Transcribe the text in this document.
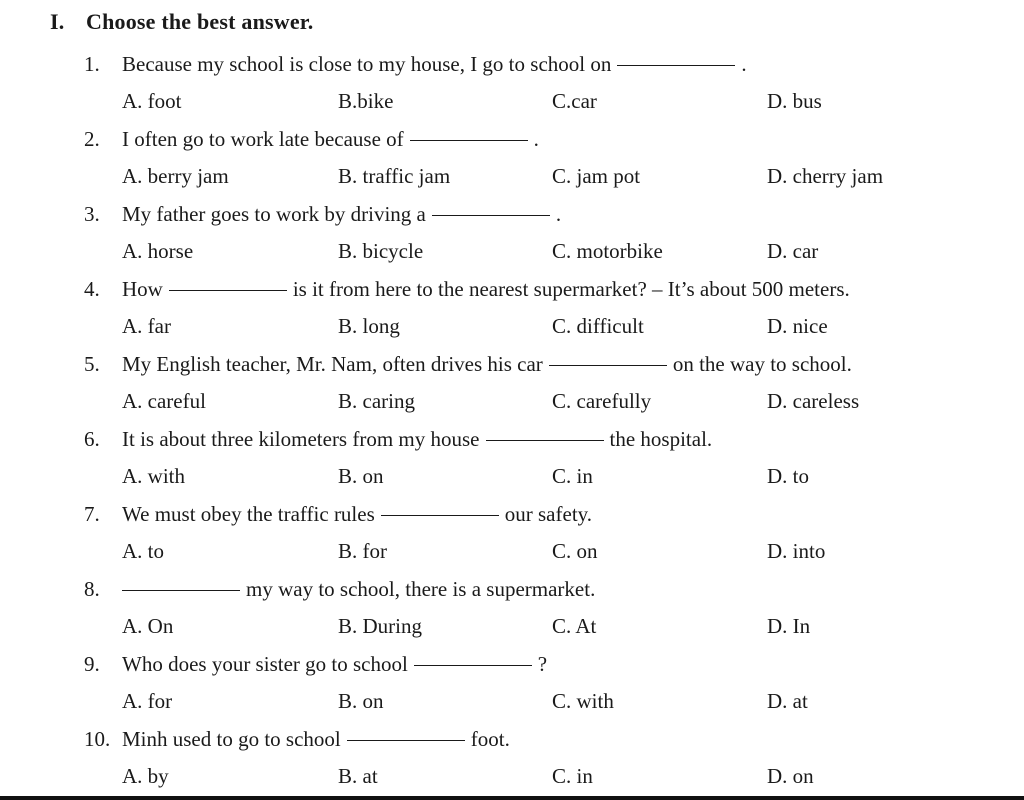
I. Choose the best answer.
1. Because my school is close to my house, I go to school on	.
A. foot	B.bike	C.car	D. bus
2. I often go to work late because of	.
A. berry jam	B. traffic jam	C. jam pot	D. cherry jam
3. My father goes to work by driving a	.
A. horse	B. bicycle	C. motorbike	D. car
4. How	is it from here to the nearest supermarket? – It’s about 500 meters.
A. far	B. long	C. difficult	D. nice
5. My English teacher, Mr. Nam, often drives his car	on the way to school.
A. careful	B. caring	C. carefully	D. careless
6. It is about three kilometers from my house	the hospital.
A. with	B. on	C. in	D. to
7. We must obey the traffic rules	our safety.
A. to	B. for	C. on	D. into
8.	my way to school, there is a supermarket.
A. On	B. During	C. At	D. In
9. Who does your sister go to school	?
A. for	B. on	C. with	D. at
10. Minh used to go to school	foot.
A. by	B. at	C. in	D. on
